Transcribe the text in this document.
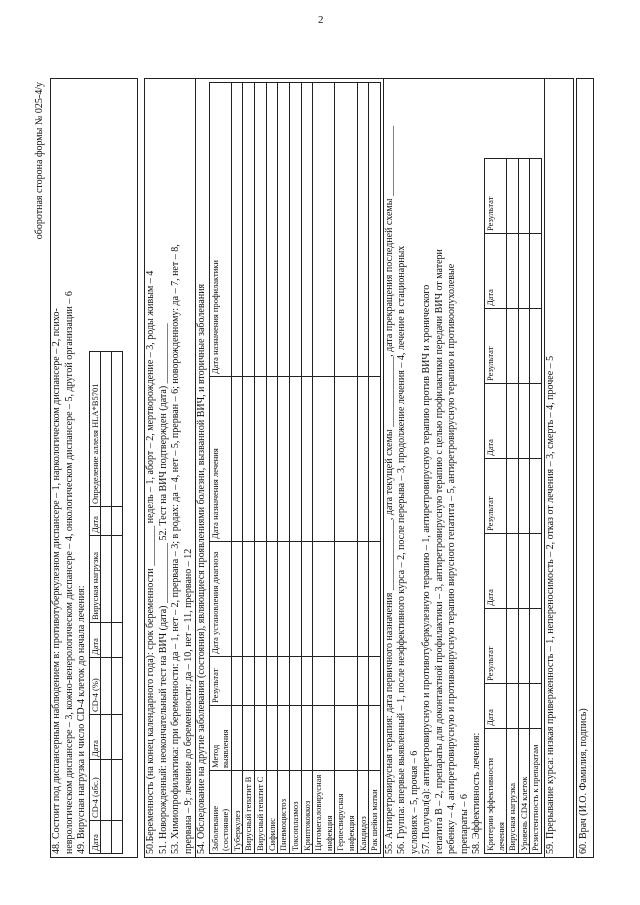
2
оборотная сторона формы № 025-4/у
48. Состоит под диспансерным наблюдением в: противотуберкулезном диспансере – 1, наркологическом диспансере – 2, психо- неврологическом диспансере – 3, кожно-венерологическом диспансере – 4, онкологическом диспансере – 5, другой организации – 6 49. Вирусная нагрузка и число CD-4 клеток до начала лечения: Дата	CD-4 (абс.)	Дата	CD-4 (%)	Дата	Вирусная нагрузка	Дата	Определение аллеля HLA*B5701

								50.Беременность (на конец календарного года): срок беременности ________ недель – 1, аборт – 2, мертворождение – 3, роды живым – 4 51. Новорожденный: неокончательный тест на ВИЧ (дата) ____________ 52. Тест на ВИЧ подтвержден (дата) ____________ 53. Химиопрофилактика: при беременности: да – 1, нет – 2, прервана – 3; в родах: да – 4, нет – 5, прерван – 6; новорожденному: да – 7, нет – 8, прервана – 9; лечение до беременности: да – 10, нет – 11, прервано – 12 54. Обследование на другие заболевания (состояния), являющиеся проявлениями болезни, вызванной ВИЧ, и вторичные заболевания Заболевание (состояние)	Метод выявления	Результат	Дата установления диагноза	Дата назначения лечения	Дата назначения профилактики
Туберкулез					
Вирусный гепатит В					
Вирусный гепатит С					
Сифилис					
Пневмоцистоз					
Токсоплазмоз					
Криптококкоз					
Цитомегаловирусная инфекция					
Герпесвирусная инфекция					
Кандидоз					
Рак шейки матки					55. Антиретровирусная терапия: дата первичного назначения ______________, дата текущей схемы ______________, дата прекращения последней схемы ______________ 56. Группа: впервые выявленный – 1, после неэффективного курса – 2, после перерыва – 3, продолжение лечения – 4, лечение в стационарных условиях – 5, прочая – 6 57. Получал(а): антиретровирусную и противотуберкулезную терапию – 1, антиретровирусную терапию против ВИЧ и хронического гепатита В – 2, препараты для доконтактной профилактики – 3, антиретровирусную терапию с целью профилактики передачи ВИЧ от матери ребенку – 4, антиретровирусную и противовирусную терапию вирусного гепатита – 5, антиретровирусную терапию и противоопухолевые препараты – 6 58. Эффективность лечения: Критерии эффективности лечения	Дата	Результат	Дата	Результат	Дата	Результат	Дата	Результат
Вирусная нагрузка								
Уровень CD4 клеток								
Резистентность к препаратам								59. Прерывание курса: низкая приверженность – 1, непереносимость – 2, отказ от лечения – 3, смерть – 4, прочее – 5 60. Врач (И.О. Фамилия, подпись)
